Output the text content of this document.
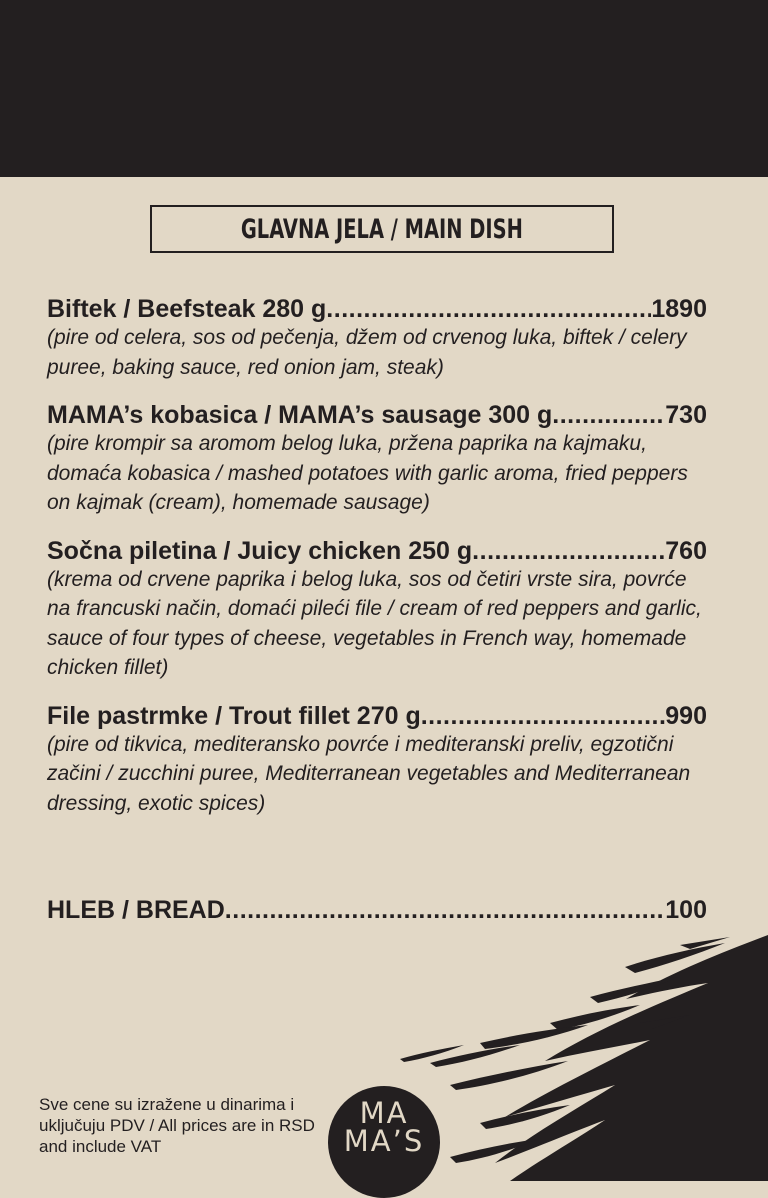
GLAVNA JELA / MAIN DISH
Biftek / Beefsteak 280 g .....	1890
(pire od celera, sos od pečenja, džem od crvenog luka, biftek / celery puree, baking sauce, red onion jam, steak)
MAMA’s kobasica / MAMA’s sausage 300 g .....	730
(pire krompir sa aromom belog luka, pržena paprika na kajmaku, domaća kobasica / mashed potatoes with garlic aroma, fried peppers on kajmak (cream), homemade sausage)
Sočna piletina / Juicy chicken 250 g .....	760
(krema od crvene paprika i belog luka, sos od četiri vrste sira, povrće na francuski način, domaći pileći file / cream of red peppers and garlic, sauce of four types of cheese, vegetables in French way, homemade chicken fillet)
File pastrmke / Trout fillet 270 g .....	990
(pire od tikvica, mediteransko povrće i mediteranski preliv, egzotični začini / zucchini puree, Mediterranean vegetables and Mediterranean dressing, exotic spices)
HLEB / BREAD .....	100
Sve cene su izražene u dinarima i uključuju PDV / All prices are in RSD and include VAT
MA
MA’S
